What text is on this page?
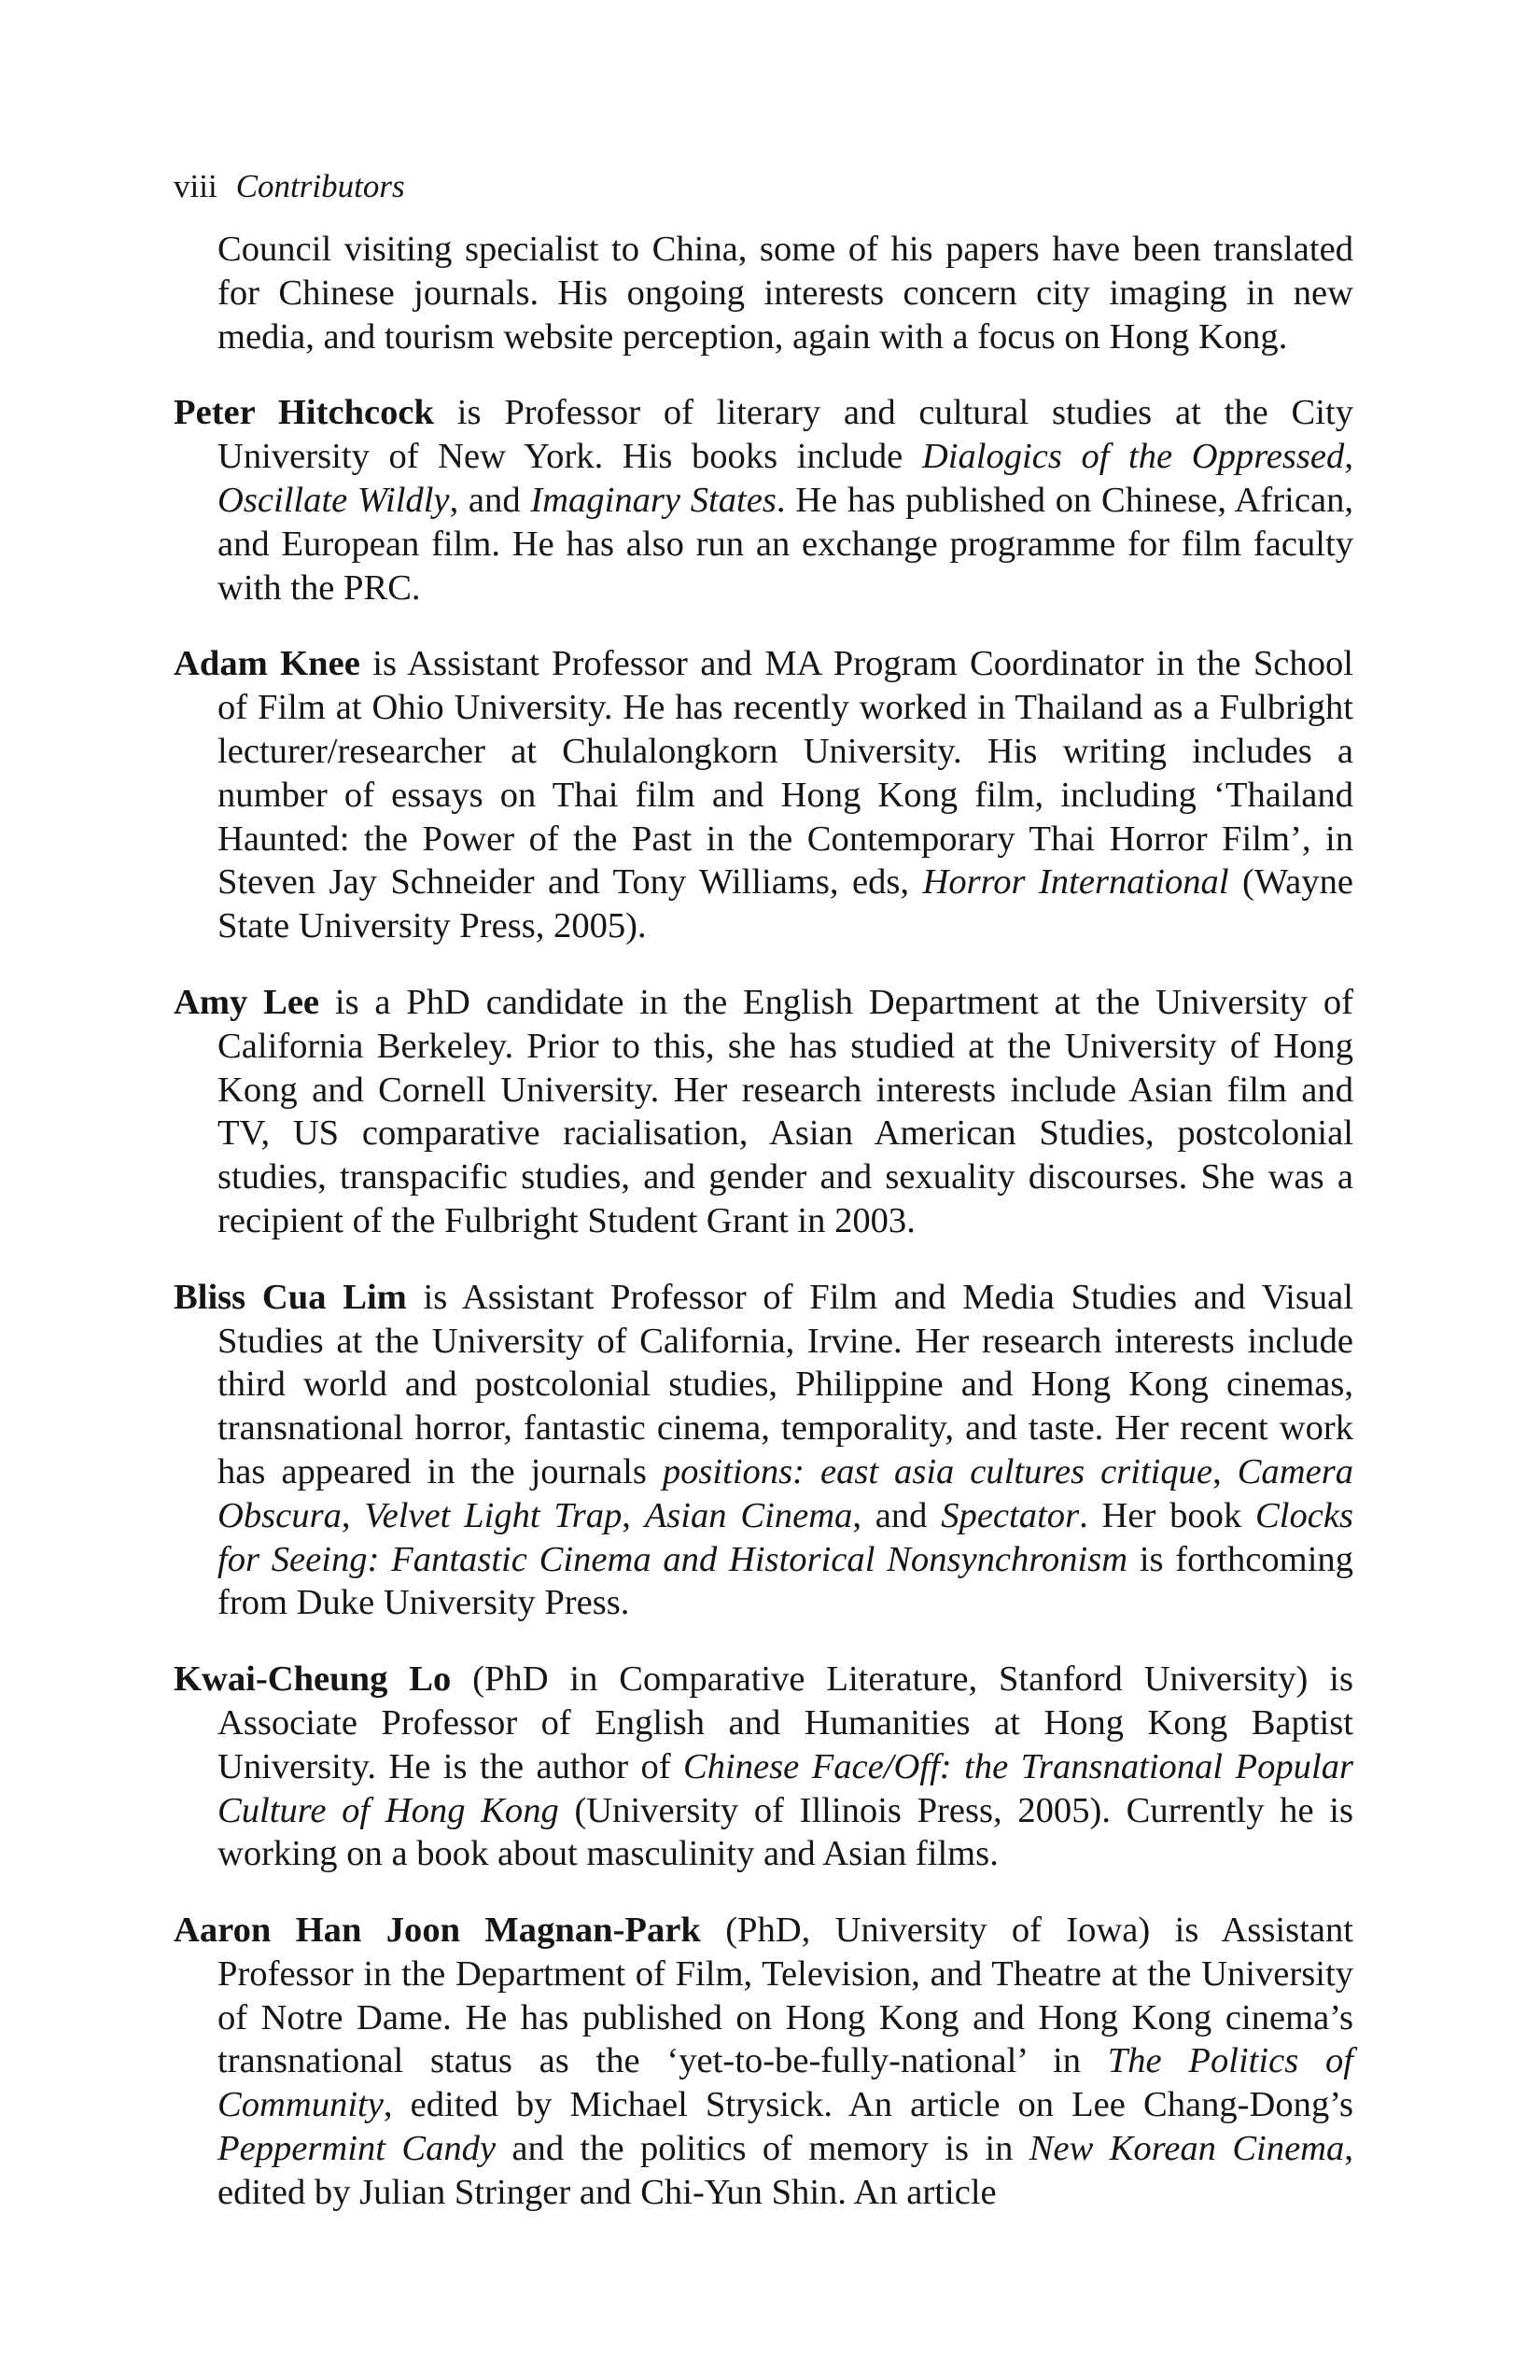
viii Contributors

Council visiting specialist to China, some of his papers have been translated for Chinese journals. His ongoing interests concern city imaging in new media, and tourism website perception, again with a focus on Hong Kong.

Peter Hitchcock is Professor of literary and cultural studies at the City University of New York. His books include Dialogics of the Oppressed, Oscillate Wildly, and Imaginary States. He has published on Chinese, African, and European film. He has also run an exchange programme for film faculty with the PRC.

Adam Knee is Assistant Professor and MA Program Coordinator in the School of Film at Ohio University. He has recently worked in Thailand as a Fulbright lecturer/researcher at Chulalongkorn University. His writing includes a number of essays on Thai film and Hong Kong film, including ‘Thailand Haunted: the Power of the Past in the Contemporary Thai Horror Film’, in Steven Jay Schneider and Tony Williams, eds, Horror International (Wayne State University Press, 2005).

Amy Lee is a PhD candidate in the English Department at the University of California Berkeley. Prior to this, she has studied at the University of Hong Kong and Cornell University. Her research interests include Asian film and TV, US comparative racialisation, Asian American Studies, postcolonial studies, transpacific studies, and gender and sexuality discourses. She was a recipient of the Fulbright Student Grant in 2003.

Bliss Cua Lim is Assistant Professor of Film and Media Studies and Visual Studies at the University of California, Irvine. Her research interests include third world and postcolonial studies, Philippine and Hong Kong cinemas, transnational horror, fantastic cinema, temporality, and taste. Her recent work has appeared in the journals positions: east asia cultures critique, Camera Obscura, Velvet Light Trap, Asian Cinema, and Spectator. Her book Clocks for Seeing: Fantastic Cinema and Historical Nonsynchronism is forthcoming from Duke University Press.

Kwai-Cheung Lo (PhD in Comparative Literature, Stanford University) is Associate Professor of English and Humanities at Hong Kong Baptist University. He is the author of Chinese Face/Off: the Transnational Popular Culture of Hong Kong (University of Illinois Press, 2005). Currently he is working on a book about masculinity and Asian films.

Aaron Han Joon Magnan-Park (PhD, University of Iowa) is Assistant Professor in the Department of Film, Television, and Theatre at the University of Notre Dame. He has published on Hong Kong and Hong Kong cinema’s transnational status as the ‘yet-to-be-fully-national’ in The Politics of Community, edited by Michael Strysick. An article on Lee Chang-Dong’s Peppermint Candy and the politics of memory is in New Korean Cinema, edited by Julian Stringer and Chi-Yun Shin. An article
